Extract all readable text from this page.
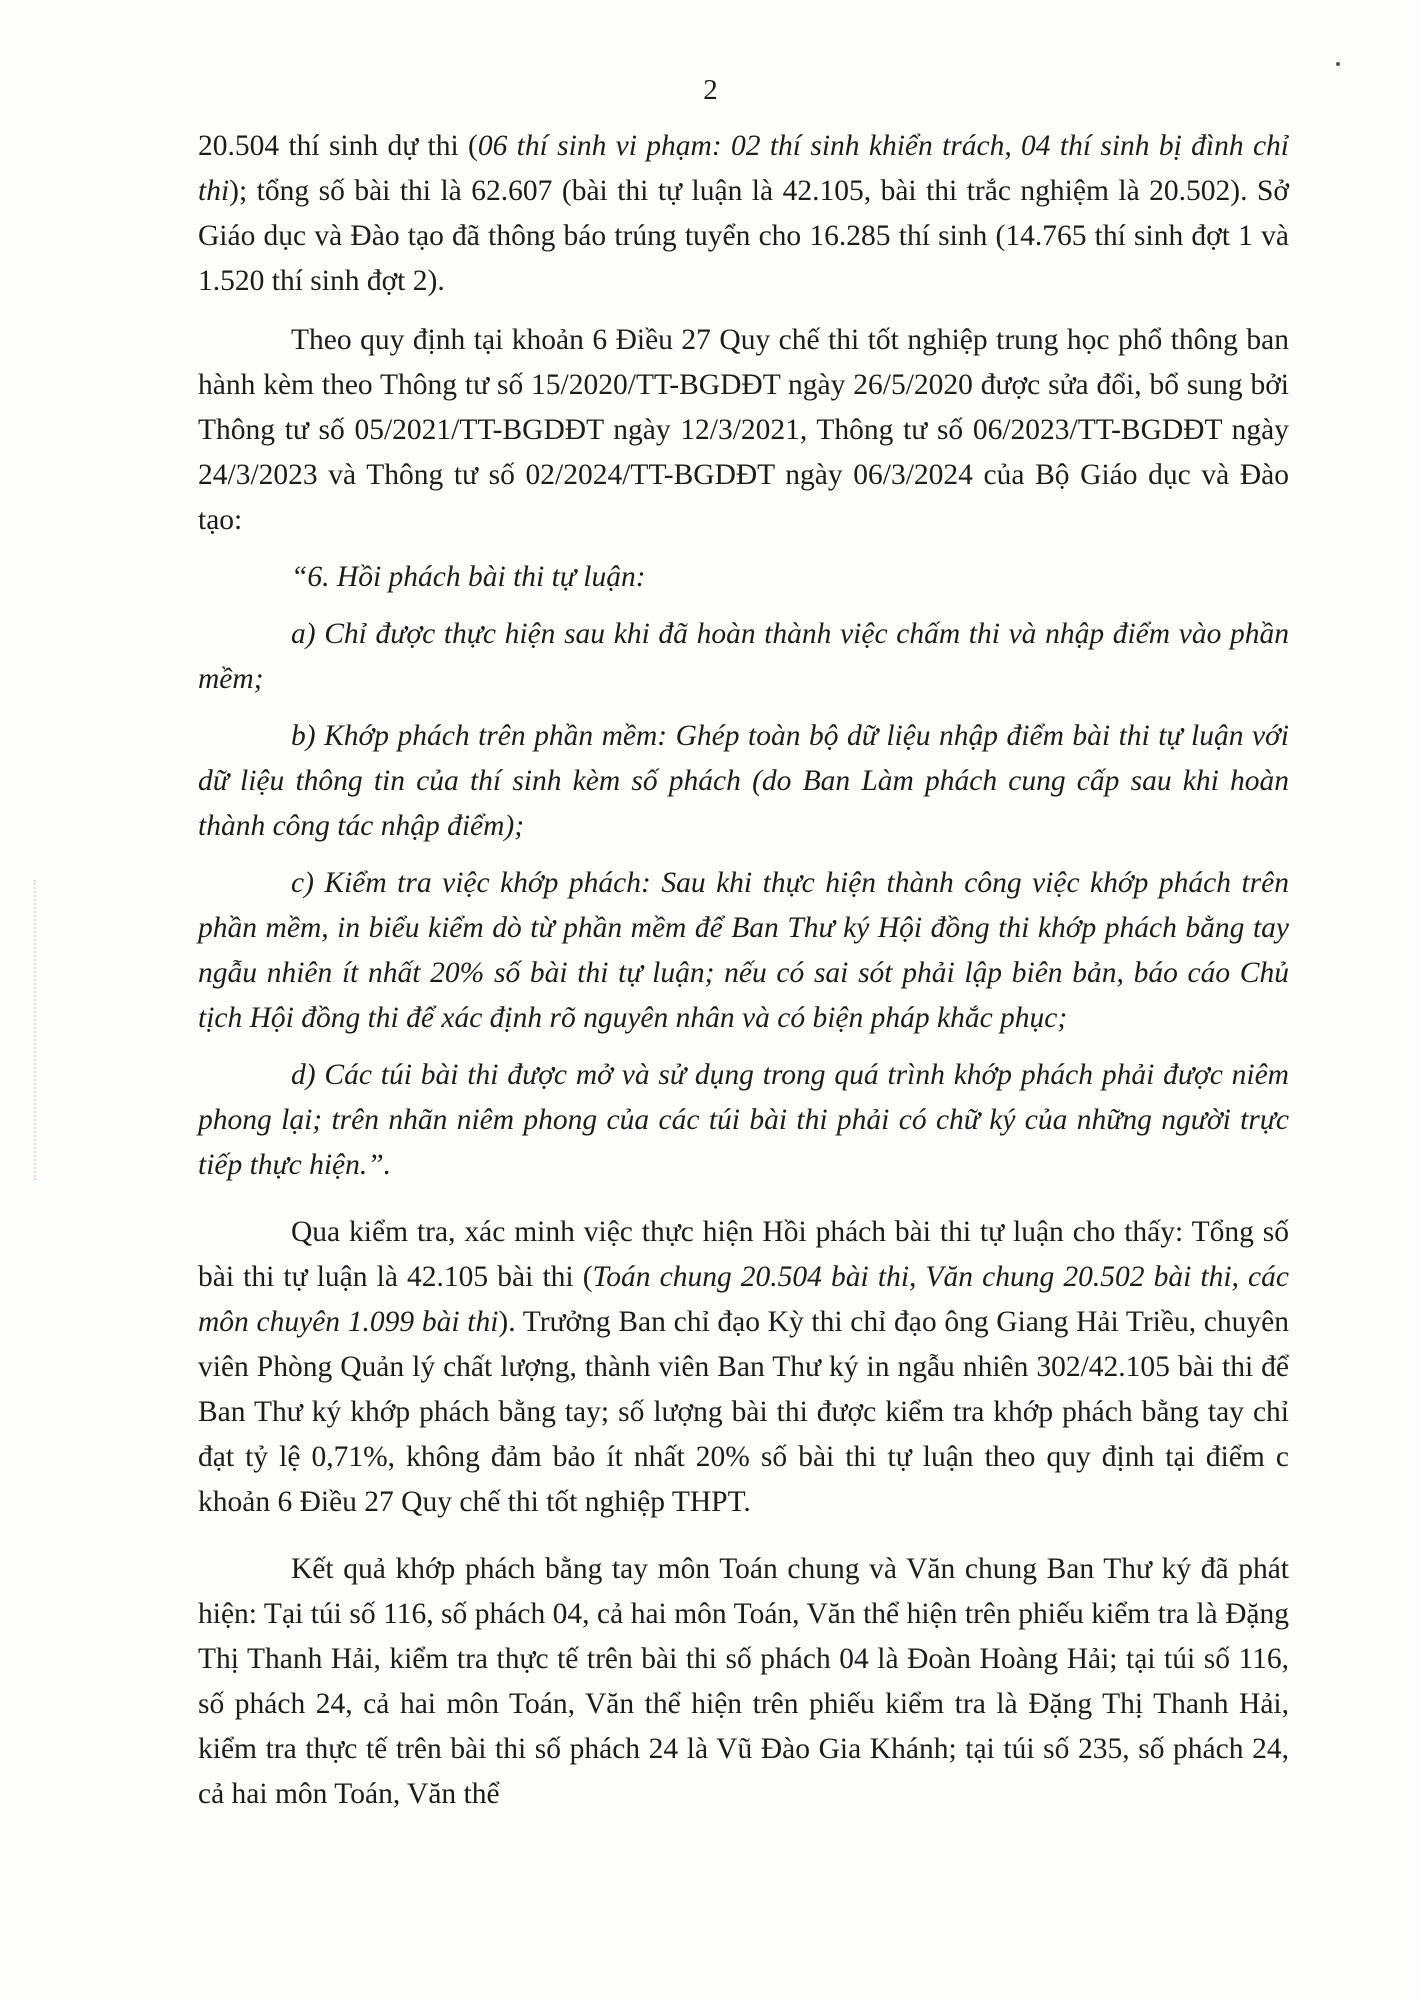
2

20.504 thí sinh dự thi (06 thí sinh vi phạm: 02 thí sinh khiển trách, 04 thí sinh bị đình chỉ thi); tổng số bài thi là 62.607 (bài thi tự luận là 42.105, bài thi trắc nghiệm là 20.502). Sở Giáo dục và Đào tạo đã thông báo trúng tuyển cho 16.285 thí sinh (14.765 thí sinh đợt 1 và 1.520 thí sinh đợt 2).

Theo quy định tại khoản 6 Điều 27 Quy chế thi tốt nghiệp trung học phổ thông ban hành kèm theo Thông tư số 15/2020/TT-BGDĐT ngày 26/5/2020 được sửa đổi, bổ sung bởi Thông tư số 05/2021/TT-BGDĐT ngày 12/3/2021, Thông tư số 06/2023/TT-BGDĐT ngày 24/3/2023 và Thông tư số 02/2024/TT-BGDĐT ngày 06/3/2024 của Bộ Giáo dục và Đào tạo:

“6. Hồi phách bài thi tự luận:

a) Chỉ được thực hiện sau khi đã hoàn thành việc chấm thi và nhập điểm vào phần mềm;

b) Khớp phách trên phần mềm: Ghép toàn bộ dữ liệu nhập điểm bài thi tự luận với dữ liệu thông tin của thí sinh kèm số phách (do Ban Làm phách cung cấp sau khi hoàn thành công tác nhập điểm);

c) Kiểm tra việc khớp phách: Sau khi thực hiện thành công việc khớp phách trên phần mềm, in biểu kiểm dò từ phần mềm để Ban Thư ký Hội đồng thi khớp phách bằng tay ngẫu nhiên ít nhất 20% số bài thi tự luận; nếu có sai sót phải lập biên bản, báo cáo Chủ tịch Hội đồng thi để xác định rõ nguyên nhân và có biện pháp khắc phục;

d) Các túi bài thi được mở và sử dụng trong quá trình khớp phách phải được niêm phong lại; trên nhãn niêm phong của các túi bài thi phải có chữ ký của những người trực tiếp thực hiện.”.

Qua kiểm tra, xác minh việc thực hiện Hồi phách bài thi tự luận cho thấy: Tổng số bài thi tự luận là 42.105 bài thi (Toán chung 20.504 bài thi, Văn chung 20.502 bài thi, các môn chuyên 1.099 bài thi). Trưởng Ban chỉ đạo Kỳ thi chỉ đạo ông Giang Hải Triều, chuyên viên Phòng Quản lý chất lượng, thành viên Ban Thư ký in ngẫu nhiên 302/42.105 bài thi để Ban Thư ký khớp phách bằng tay; số lượng bài thi được kiểm tra khớp phách bằng tay chỉ đạt tỷ lệ 0,71%, không đảm bảo ít nhất 20% số bài thi tự luận theo quy định tại điểm c khoản 6 Điều 27 Quy chế thi tốt nghiệp THPT.

Kết quả khớp phách bằng tay môn Toán chung và Văn chung Ban Thư ký đã phát hiện: Tại túi số 116, số phách 04, cả hai môn Toán, Văn thể hiện trên phiếu kiểm tra là Đặng Thị Thanh Hải, kiểm tra thực tế trên bài thi số phách 04 là Đoàn Hoàng Hải; tại túi số 116, số phách 24, cả hai môn Toán, Văn thể hiện trên phiếu kiểm tra là Đặng Thị Thanh Hải, kiểm tra thực tế trên bài thi số phách 24 là Vũ Đào Gia Khánh; tại túi số 235, số phách 24, cả hai môn Toán, Văn thể
